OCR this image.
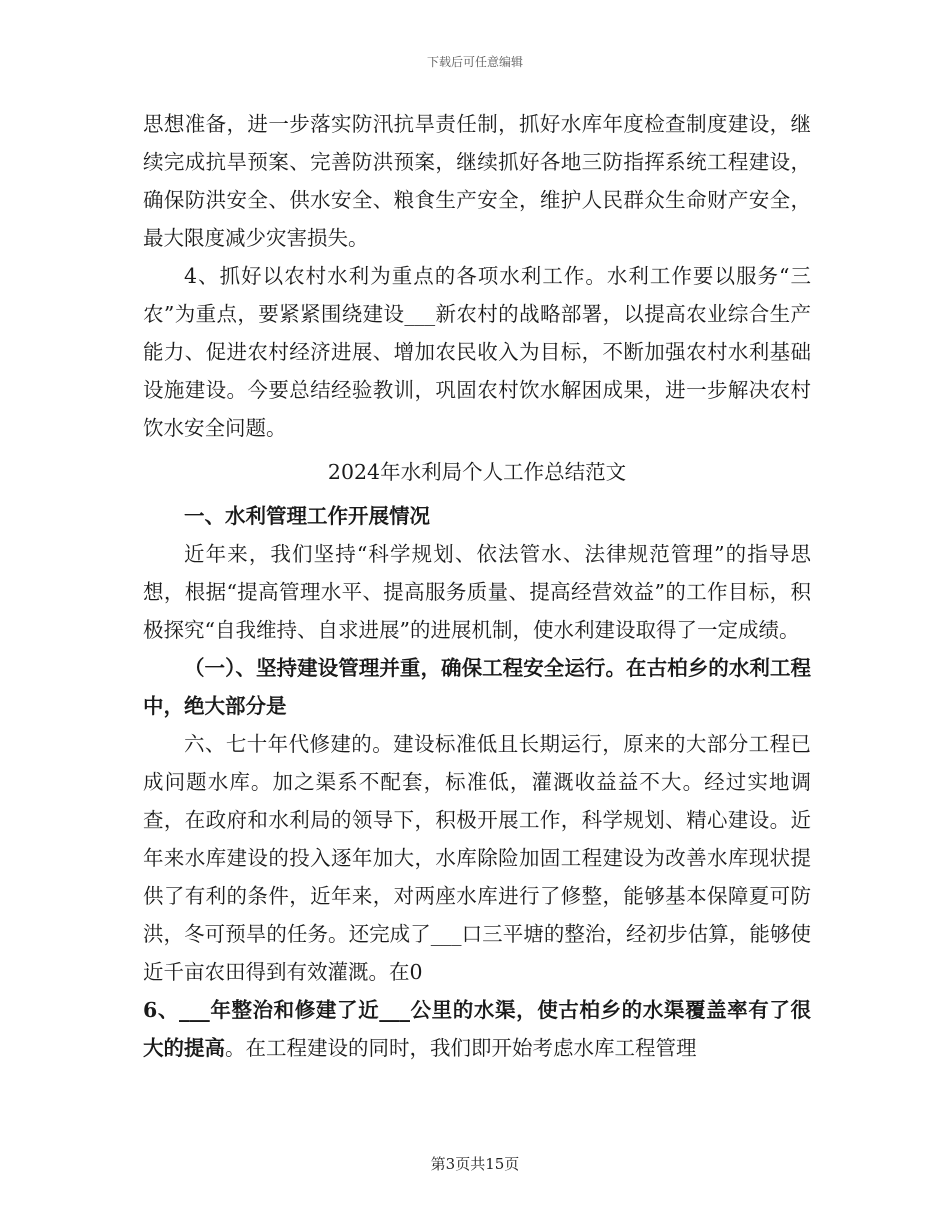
下载后可任意编辑

思想准备，进一步落实防汛抗旱责任制，抓好水库年度检查制度建设，继续完成抗旱预案、完善防洪预案，继续抓好各地三防指挥系统工程建设，确保防洪安全、供水安全、粮食生产安全，维护人民群众生命财产安全，最大限度减少灾害损失。

4、抓好以农村水利为重点的各项水利工作。水利工作要以服务“三农”为重点，要紧紧围绕建设___新农村的战略部署，以提高农业综合生产能力、促进农村经济进展、增加农民收入为目标，不断加强农村水利基础设施建设。今要总结经验教训，巩固农村饮水解困成果，进一步解决农村饮水安全问题。

2024年水利局个人工作总结范文

一、水利管理工作开展情况

近年来，我们坚持“科学规划、依法管水、法律规范管理”的指导思想，根据“提高管理水平、提高服务质量、提高经营效益”的工作目标，积极探究“自我维持、自求进展”的进展机制，使水利建设取得了一定成绩。

（一）、坚持建设管理并重，确保工程安全运行。在古柏乡的水利工程中，绝大部分是

六、七十年代修建的。建设标准低且长期运行，原来的大部分工程已成问题水库。加之渠系不配套，标准低，灌溉收益益不大。经过实地调查，在政府和水利局的领导下，积极开展工作，科学规划、精心建设。近年来水库建设的投入逐年加大，水库除险加固工程建设为改善水库现状提供了有利的条件，近年来，对两座水库进行了修整，能够基本保障夏可防洪，冬可预旱的任务。还完成了___口三平塘的整治，经初步估算，能够使近千亩农田得到有效灌溉。在0

6、___年整治和修建了近___公里的水渠，使古柏乡的水渠覆盖率有了很大的提高。在工程建设的同时，我们即开始考虑水库工程管理

第3页共15页
